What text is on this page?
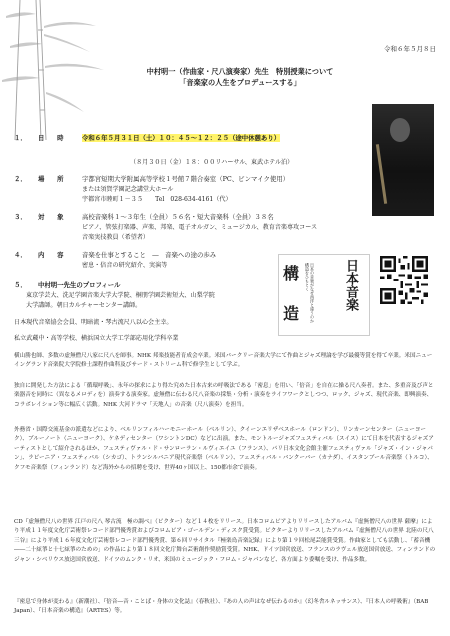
令和６年５月８日
中村明一（作曲家・尺八演奏家）先生　特別授業について
「音楽家の人生をプロデュースする」
１． 日　　時	令和６年５月３１日（土）１０：４５～１２：２５（途中休憩あり）
（８月３０日（金）１８：００リハーサル、東武ホテル泊）
２． 場　　所	宇都宮短期大学附属高等学校１号館７階合奏室（PC、ピンマイク使用）
または須賀学園記念講堂大ホール
宇都宮市睦町１－３５　　Tel　028-634-4161（代）
３． 対　　象	高校音楽科１～３年生（全員）５６名・短大音楽科（全員）３８名
ピアノ、管弦打楽器、声楽、邦楽、電子オルガン、ミュージカル、教育音楽専攻コース
音楽実技教員（希望者）
４． 内　　容	音楽を仕事とすること　―　音楽への途の歩み
密息・倍音の研究紹介、実演等
５． 中村明一先生のプロフィール
東京学芸大、洗足学園音楽大学大学院、桐朋学園芸術短大、山梨学院
大学講師。朝日カルチャーセンター講師。
構	日本の音楽がなぜ西洋と違うのか構造をひもとく
造
日本音楽
日本現代音楽協会会員、明暗流・琴古流尺八以心会主幸。
私立武蔵中・高等学校、横浜国立大学工学部応用化学科卒業
横山勝也師、多数の虚無僧尺八家に尺八を師事。NHK 邦楽技能者育成会卒業。米国バークリー音楽大学にて作曲とジャズ理論を学び最優等賞を得て卒業。米国ニューイングランド音楽院大学院修士課程作曲科及びサード・ストリーム科で修学生として学ぶ。
独自に開発した方法による「循環呼吸」、永年の探求により得た究めた日本古来の呼吸法である「密息」を用い、「倍音」を自在に操る尺八奏者。また、多重音及び声と楽器音を同時に（異なるメロディを）演奏する演奏家。虚無僧に伝わる尺八音楽の採集・分析・演奏をライフワークとしつつ、ロック、ジャズ、現代音楽、即興演奏、コラボレイション等に幅広く活動。NHK 大河ドラマ「天地人」の音楽（尺八演奏）を担当。
外務省・国際交流基金の派遣などにより、ベルリンフィルハーモニーホール（ベルリン）、クイーンエリザベスホール（ロンドン）、リンカーンセンター（ニューヨーク）、ブルーノート（ニューヨーク）、ケネディセンター（ワシントンDC）などに出演。また、モントルージャズフェスティバル（スイス）にて日本を代表するジャズアーティストとして紹介されるほか、フェスティヴァル・ド・サンローラン・ルヴィエイユ（フランス）、パリ日本文化会館主催フェスティヴァル「ジャズ・イン・ジャパン」、ラビーニア・フェスティバル（シカゴ）、トランシルバニア現代音楽祭（ベルリン）、フェスティバル・バンクーバー（カナダ）、イスタンブール音楽祭（トルコ）、クフモ音楽祭（フィンランド）など海外からの招聘を受け、世界40ヶ国以上、150都市余で演奏。
CD『虚無僧尺八の世界 江戸の尺八 琴古流　極の調べ』（ビクター）など１４枚をリリース。日本コロムビアよりリリースしたアルバム『虚無僧尺八の世界 薩摩』により平成１１年度文化庁芸術祭レコード部門優秀賞およびコロムビア・ゴールデン・ディスク賞受賞。ビクターよりリリースしたアルバム『虚無僧尺八の世界 北陸の尺八 三谷』により平成１６年度文化庁芸術祭レコード部門優秀賞、第６回リサイタル『極楽鳥音楽記録』により第１９回松尾芸能賞受賞。作曲家としても活動し、「蓄音機――二十絃箏と十七絃箏のための」の作品により第１８回文化庁舞台芸術創作奨励賞受賞。NHK、ドイツ国営放送、フランスのラヴェル放送国営放送、フィンランドのジャン・シベリウス放送国営放送、ドイツのムンク・リオ、米国のミュージック・フロム・ジャパンなど、各方面より委嘱を受け、作品多数。
『密息で身体が変わる』（新潮社）、『倍音―音・ことば・身体の文化誌』（春秋社）、『あの人の声はなぜ伝わるのか』（幻冬舎ルネッサンス）、『日本人の呼吸術』（BAB Japan）、『日本音楽の構造』（ARTES）等。
